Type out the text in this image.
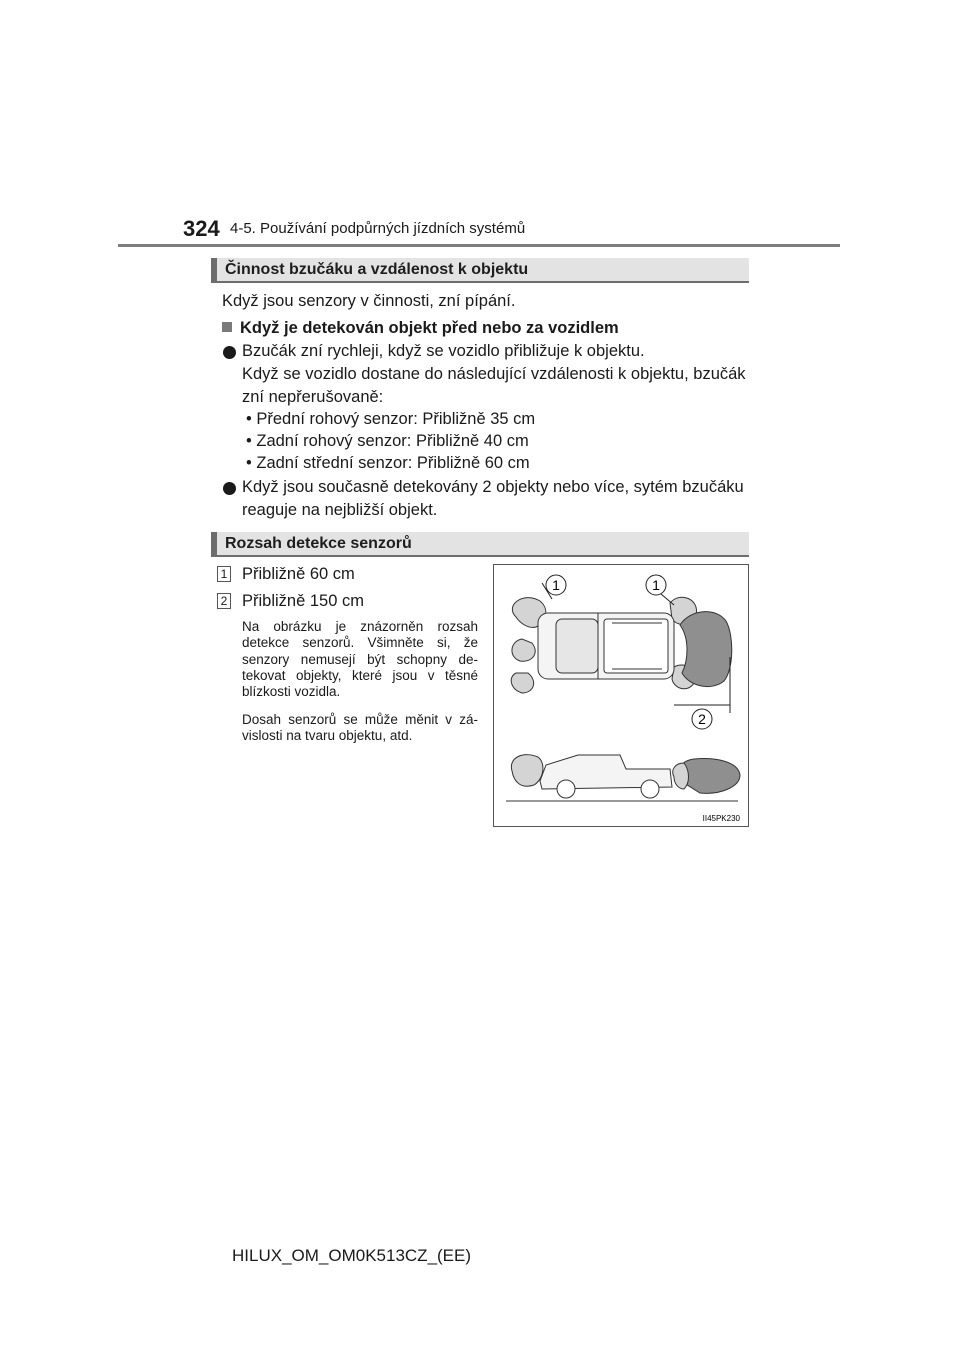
324 4-5. Používání podpůrných jízdních systémů
Činnost bzučáku a vzdálenost k objektu
Když jsou senzory v činnosti, zní pípání.
Když je detekován objekt před nebo za vozidlem
Bzučák zní rychleji, když se vozidlo přibližuje k objektu.
Když se vozidlo dostane do následující vzdálenosti k objektu, bzučák
zní nepřerušovaně:
• Přední rohový senzor: Přibližně 35 cm
• Zadní rohový senzor: Přibližně 40 cm
• Zadní střední senzor: Přibližně 60 cm
Když jsou současně detekovány 2 objekty nebo více, sytém bzučáku
reaguje na nejbližší objekt.
Rozsah detekce senzorů
1 Přibližně 60 cm
2 Přibližně 150 cm
Na obrázku je znázorněn rozsah
detekce senzorů. Všimněte si, že
senzory nemusejí být schopny de-
tekovat objekty, které jsou v těsné
blízkosti vozidla.
Dosah senzorů se může měnit v zá-
vislosti na tvaru objektu, atd.
1	1
2
II45PK230
HILUX_OM_OM0K513CZ_(EE)
